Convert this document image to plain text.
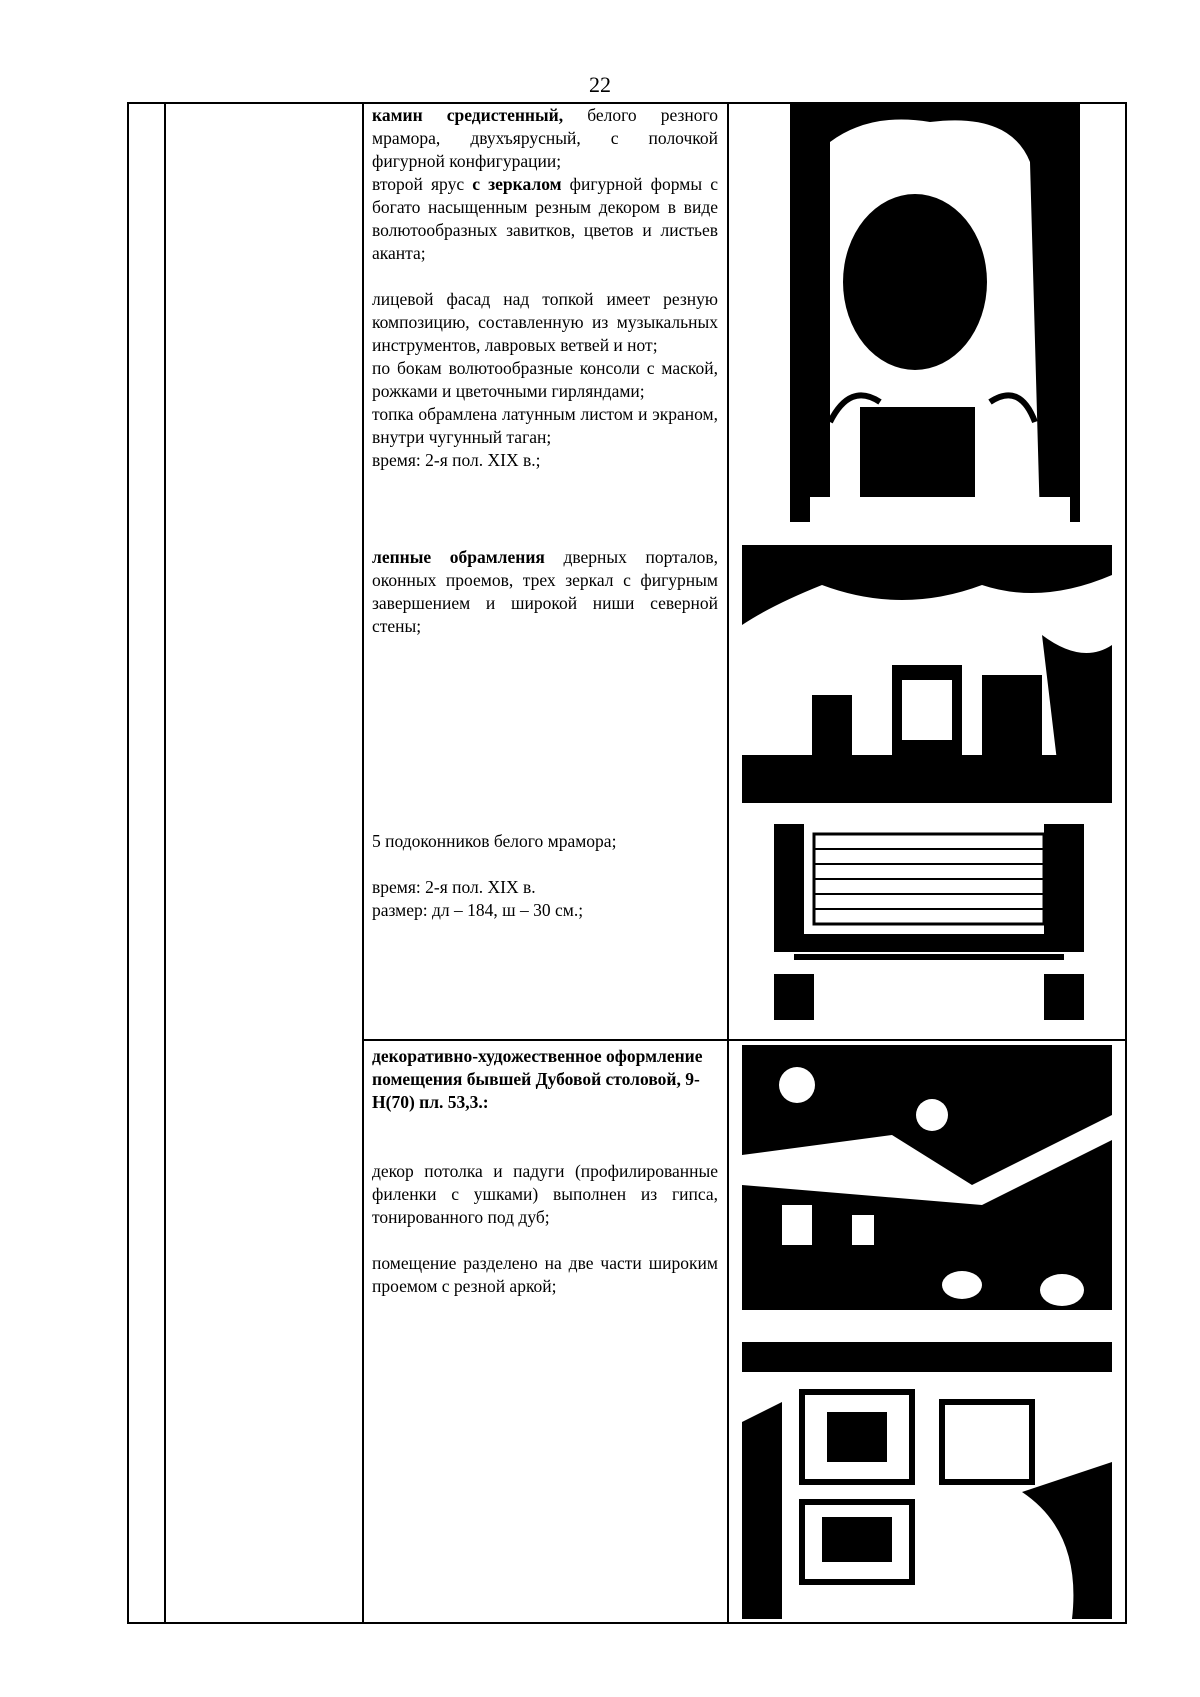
22

камин средистенный, белого резного мрамора, двухъярусный, с полочкой фигурной конфигурации;

второй ярус с зеркалом фигурной формы с богато насыщенным резным декором в виде волютообразных завитков, цветов и листьев аканта;

лицевой фасад над топкой имеет резную композицию, составленную из музыкальных инструментов, лавровых ветвей и нот;

по бокам волютообразные консоли с маской, рожками и цветочными гирляндами;

топка обрамлена латунным листом и экраном, внутри чугунный таган;

время: 2-я пол. XIX в.;

лепные обрамления дверных порталов, оконных проемов, трех зеркал с фигурным завершением и широкой ниши северной стены;

5 подоконников белого мрамора;

время: 2-я пол. XIX в.

размер: дл – 184, ш – 30 см.;

декоративно-художественное оформление помещения бывшей Дубовой столовой, 9-Н(70) пл. 53,3.:

декор потолка и падуги (профилированные филенки с ушками) выполнен из гипса, тонированного под дуб;

помещение разделено на две части широким проемом с резной аркой;
